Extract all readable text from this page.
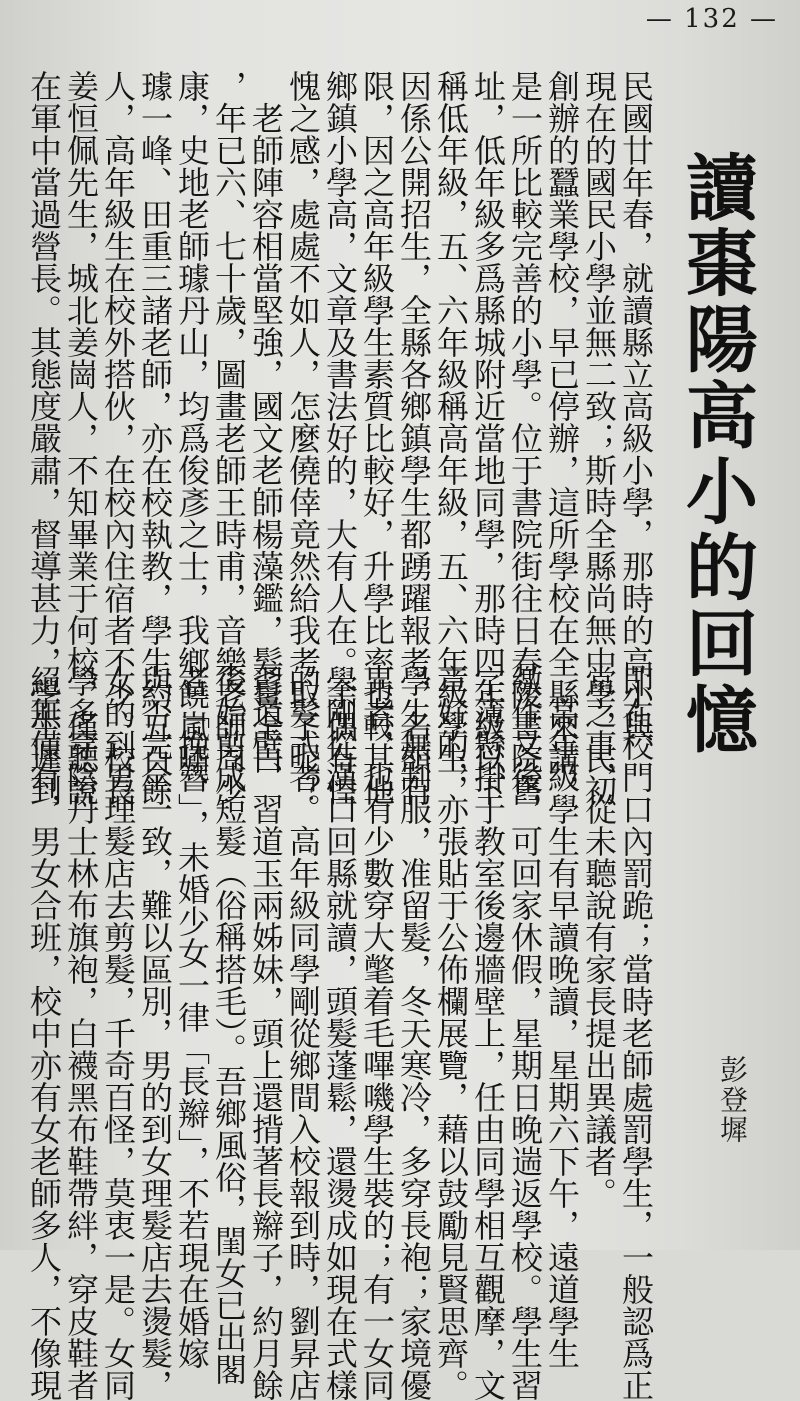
— 132 —
讀棗陽高小的回憶
彭登墀
民國廿年春，就讀縣立高級小學，那時的高小與
現在的國民小學並無二致；斯時全縣尚無中學，民初
創辦的蠶業學校，早已停辦，這所學校在全縣來講，
是一所比較完善的小學。位于書院街往日春陵書院舊
址，低年級多爲縣城附近當地同學，那時四年級以下
稱低年級，五、六年級稱高年級，五、六年級學生，
因係公開招生，全縣各鄉鎮學生都踴躍報考，名額有
限，因之高年級學生素質比較好，升學比率也較其他
鄉鎮小學高，文章及書法好的，大有人在。余偶有惶
愧之感，處處不如人，怎麼僥倖竟然給我考取了呢？
　老師陣容相當堅強，國文老師楊藻鑑，髮鬢全白
，年已六、七十歲，圖畫老師王時甫，音樂老師周少
康，史地老師璩丹山，均爲俊彥之士，我鄉饒嵐嘯、
璩一峰、田重三諸老師，亦在校執教，學生約五百餘
人，高年級生在校外搭伙，在校內住宿者不少。校長
姜恒佩先生，城北姜崗人，不知畢業于何校，僅聽說
在軍中當過營長。其態度嚴肅，督導甚力，學生遲到
即在校門口內罰跪；當時老師處罰學生，一般認爲正
常之事，從未聽說有家長提出異議者。
　高年級學生有早讀晚讀，星期六下午，遠道學生
繳作文後，可回家休假，星期日晚遄返學校。學生習
字簿懸掛于教室後邊牆壁上，任由同學相互觀摩，文
章好的，亦張貼于公佈欄展覽，藉以鼓勵見賢思齊。
學生無制服，准留髮，冬天寒冷，多穿長袍；家境優
異者，也有少數穿大氅着毛嗶嘰學生裝的；有一女同
學剛從漢口回縣就讀，頭髮蓬鬆，還燙成如現在式樣
的髮式者。高年級同學剛從鄉間入校報到時，劉昇店
習道壁、習道玉兩姊妹，頭上還揹著長辮子，約月餘
後始剪成短髮（俗稱搭毛）。吾鄉風俗，閨女已出閣
者「挽簪」，未婚少女一律「長辮」，不若現在婚嫁
與否完全一致，難以區別，男的到女理髮店去燙髮，
女的到男理髮店去剪髮，千奇百怪，莫衷一是。女同
學多穿陰丹士林布旗袍，白襪黑布鞋帶絆，穿皮鞋者
絕無僅有，男女合班，校中亦有女老師多人，不像現
